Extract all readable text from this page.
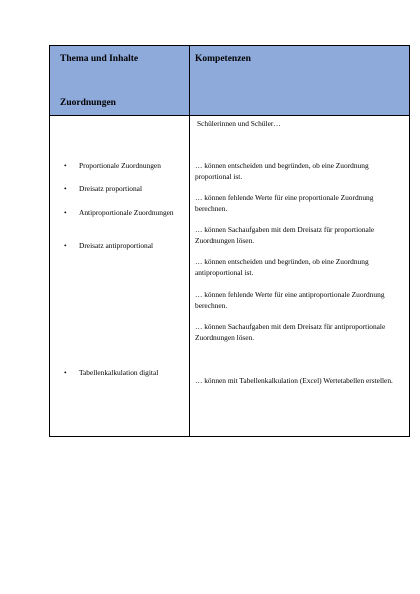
Thema und Inhalte
Zuordnungen
Kompetenzen
• Proportionale Zuordnungen
• Dreisatz proportional
• Antiproportionale Zuordnungen
• Dreisatz antiproportional
• Tabellenkalkulation digital
Schülerinnen und Schüler…
… können entscheiden und begründen, ob eine Zuordnung proportional ist.
… können fehlende Werte für eine proportionale Zuordnung berechnen.
… können Sachaufgaben mit dem Dreisatz für proportionale Zuordnungen lösen.
… können entscheiden und begründen, ob eine Zuordnung antiproportional ist.
… können fehlende Werte für eine antiproportionale Zuordnung berechnen.
… können Sachaufgaben mit dem Dreisatz für antiproportionale Zuordnungen lösen.
… können mit Tabellenkalkulation (Excel) Wertetabellen erstellen.
